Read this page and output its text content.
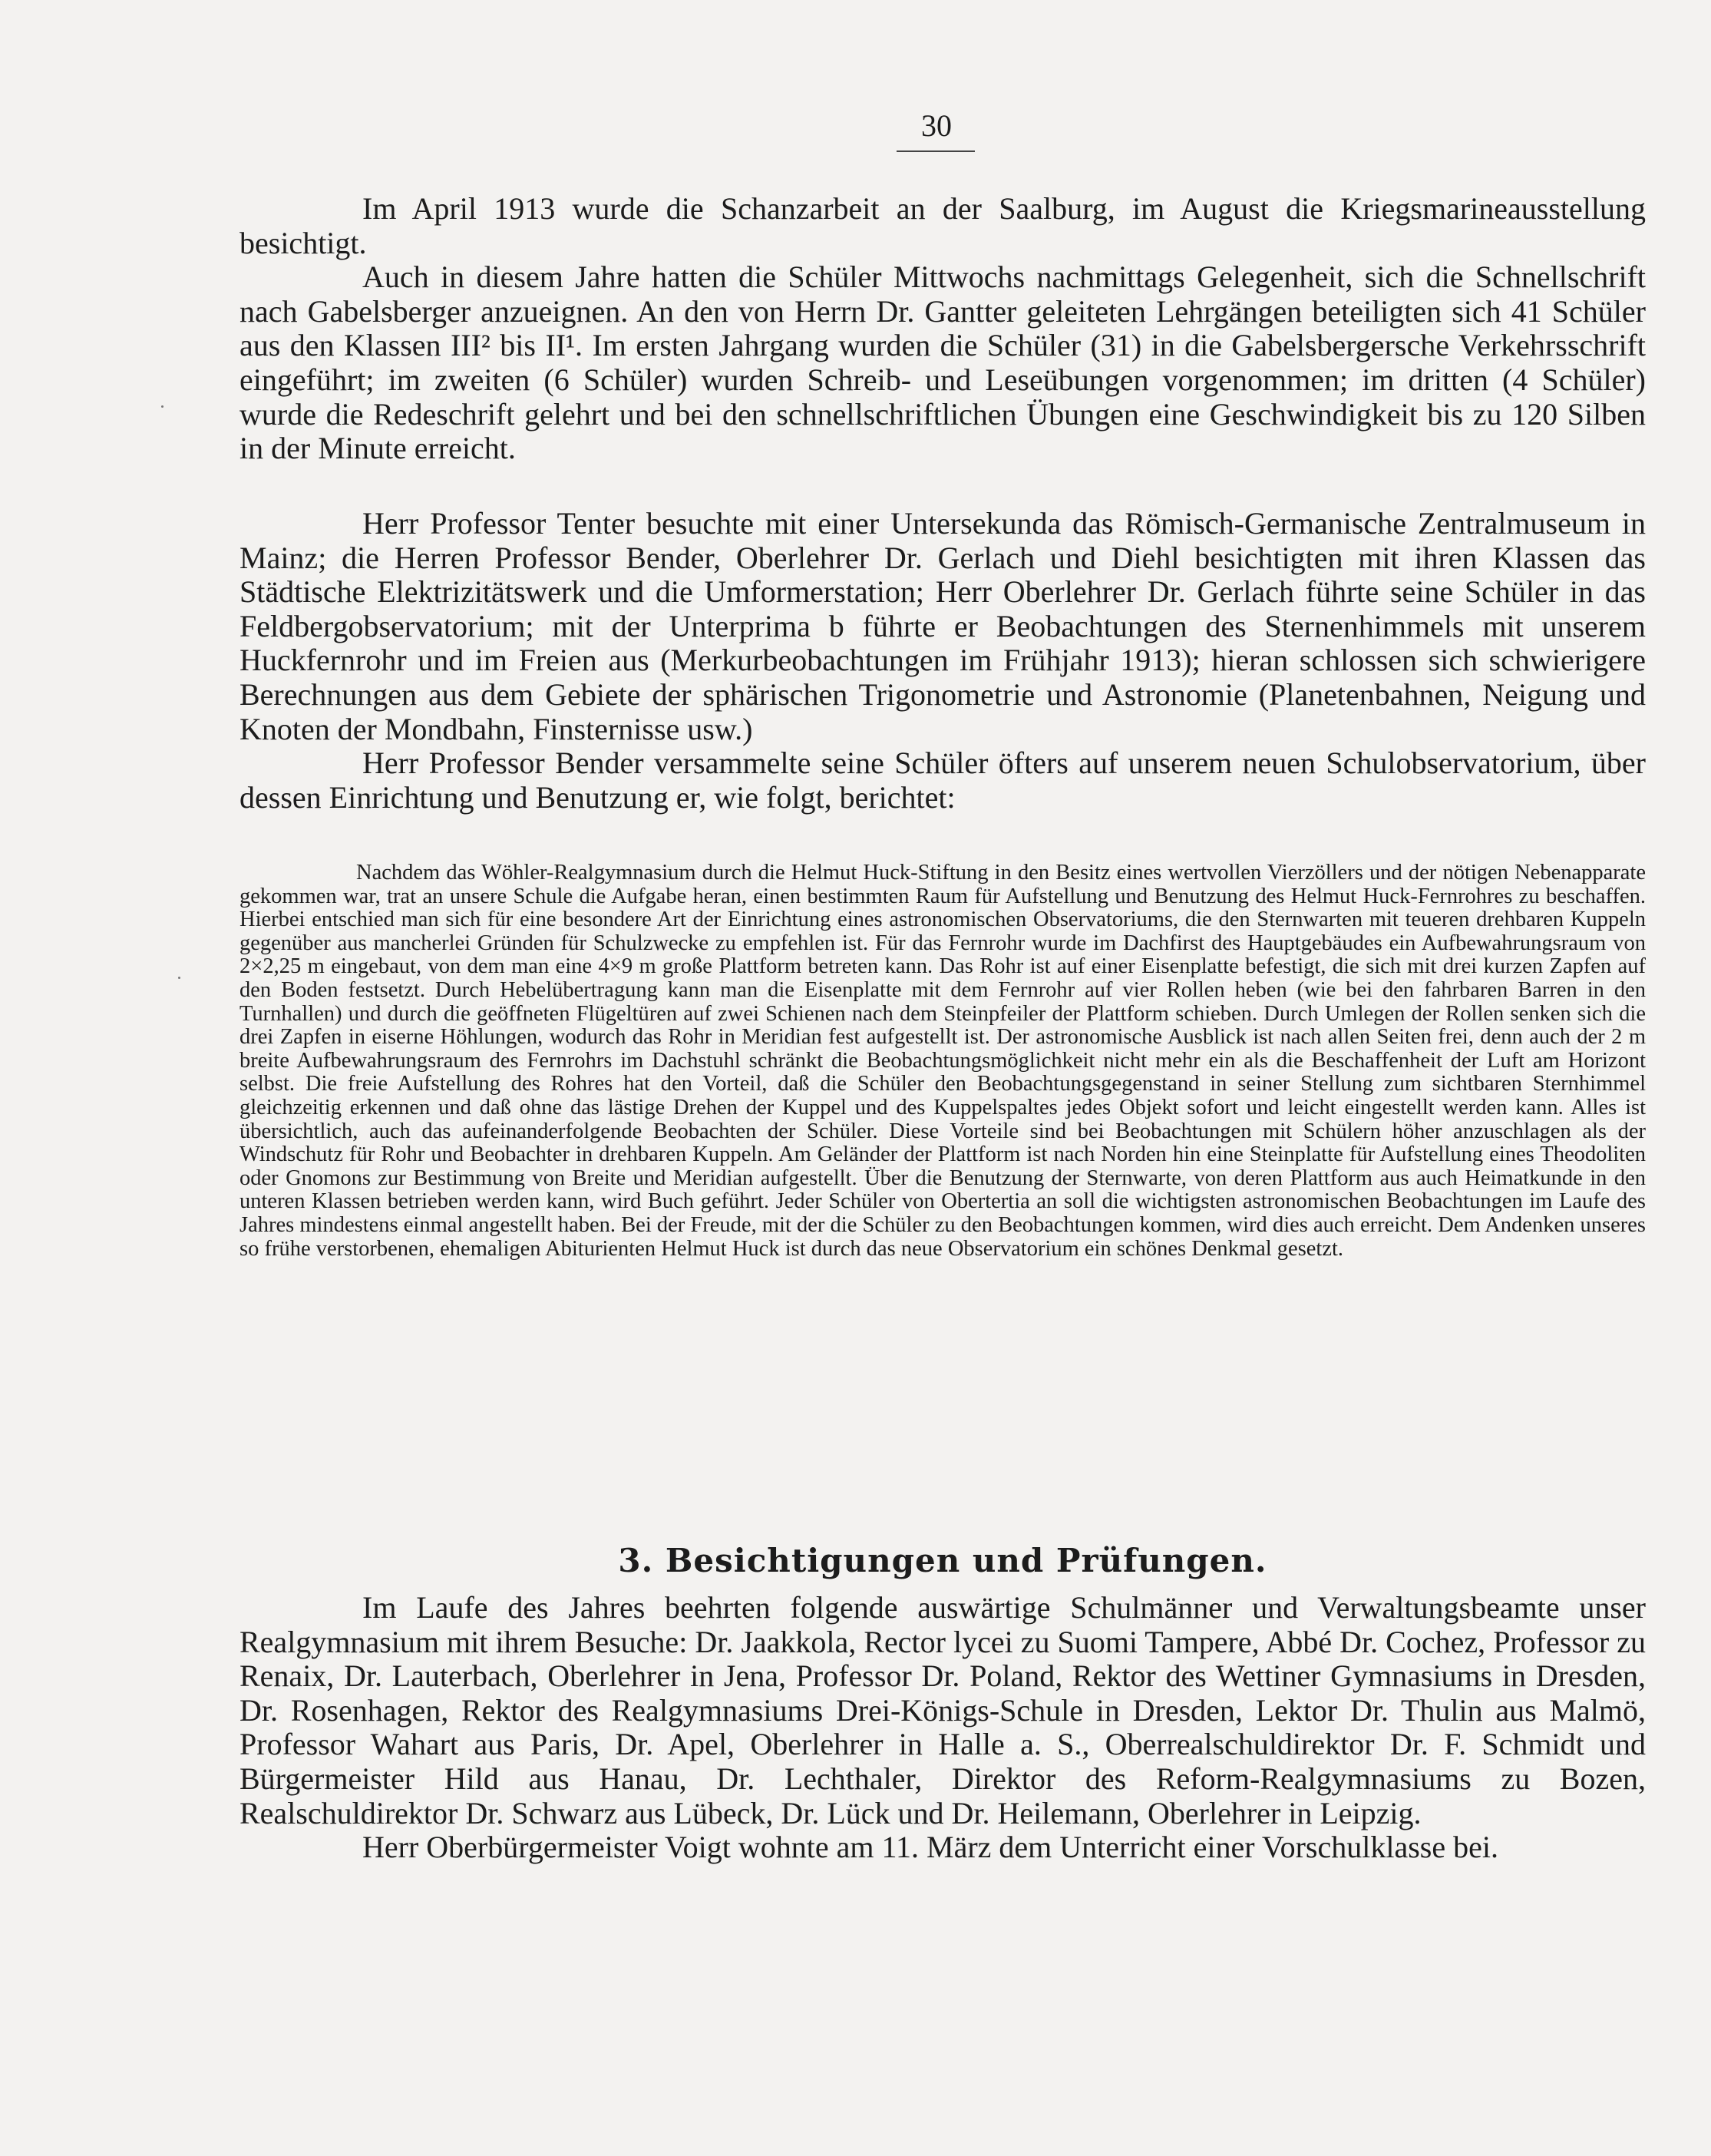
30

Im April 1913 wurde die Schanzarbeit an der Saalburg, im August die Kriegsmarineausstellung besichtigt.

Auch in diesem Jahre hatten die Schüler Mittwochs nachmittags Gelegenheit, sich die Schnellschrift nach Gabelsberger anzueignen. An den von Herrn Dr. Gantter geleiteten Lehrgängen beteiligten sich 41 Schüler aus den Klassen III² bis II¹. Im ersten Jahrgang wurden die Schüler (31) in die Gabelsbergersche Verkehrsschrift eingeführt; im zweiten (6 Schüler) wurden Schreib- und Leseübungen vorgenommen; im dritten (4 Schüler) wurde die Redeschrift gelehrt und bei den schnellschriftlichen Übungen eine Geschwindigkeit bis zu 120 Silben in der Minute erreicht.

Herr Professor Tenter besuchte mit einer Untersekunda das Römisch-Germanische Zentralmuseum in Mainz; die Herren Professor Bender, Oberlehrer Dr. Gerlach und Diehl besichtigten mit ihren Klassen das Städtische Elektrizitätswerk und die Umformerstation; Herr Oberlehrer Dr. Gerlach führte seine Schüler in das Feldbergobservatorium; mit der Unterprima b führte er Beobachtungen des Sternenhimmels mit unserem Huckfernrohr und im Freien aus (Merkurbeobachtungen im Frühjahr 1913); hieran schlossen sich schwierigere Berechnungen aus dem Gebiete der sphärischen Trigonometrie und Astronomie (Planetenbahnen, Neigung und Knoten der Mondbahn, Finsternisse usw.)

Herr Professor Bender versammelte seine Schüler öfters auf unserem neuen Schulobservatorium, über dessen Einrichtung und Benutzung er, wie folgt, berichtet:

Nachdem das Wöhler-Realgymnasium durch die Helmut Huck-Stiftung in den Besitz eines wertvollen Vierzöllers und der nötigen Nebenapparate gekommen war, trat an unsere Schule die Aufgabe heran, einen bestimmten Raum für Aufstellung und Benutzung des Helmut Huck-Fernrohres zu beschaffen. Hierbei entschied man sich für eine besondere Art der Einrichtung eines astronomischen Observatoriums, die den Sternwarten mit teueren drehbaren Kuppeln gegenüber aus mancherlei Gründen für Schulzwecke zu empfehlen ist. Für das Fernrohr wurde im Dachfirst des Hauptgebäudes ein Aufbewahrungsraum von 2×2,25 m eingebaut, von dem man eine 4×9 m große Plattform betreten kann. Das Rohr ist auf einer Eisenplatte befestigt, die sich mit drei kurzen Zapfen auf den Boden festsetzt. Durch Hebelübertragung kann man die Eisenplatte mit dem Fernrohr auf vier Rollen heben (wie bei den fahrbaren Barren in den Turnhallen) und durch die geöffneten Flügeltüren auf zwei Schienen nach dem Steinpfeiler der Plattform schieben. Durch Umlegen der Rollen senken sich die drei Zapfen in eiserne Höhlungen, wodurch das Rohr in Meridian fest aufgestellt ist. Der astronomische Ausblick ist nach allen Seiten frei, denn auch der 2 m breite Aufbewahrungsraum des Fernrohrs im Dachstuhl schränkt die Beobachtungsmöglichkeit nicht mehr ein als die Beschaffenheit der Luft am Horizont selbst. Die freie Aufstellung des Rohres hat den Vorteil, daß die Schüler den Beobachtungsgegenstand in seiner Stellung zum sichtbaren Sternhimmel gleichzeitig erkennen und daß ohne das lästige Drehen der Kuppel und des Kuppelspaltes jedes Objekt sofort und leicht eingestellt werden kann. Alles ist übersichtlich, auch das aufeinanderfolgende Beobachten der Schüler. Diese Vorteile sind bei Beobachtungen mit Schülern höher anzuschlagen als der Windschutz für Rohr und Beobachter in drehbaren Kuppeln. Am Geländer der Plattform ist nach Norden hin eine Steinplatte für Aufstellung eines Theodoliten oder Gnomons zur Bestimmung von Breite und Meridian aufgestellt. Über die Benutzung der Sternwarte, von deren Plattform aus auch Heimatkunde in den unteren Klassen betrieben werden kann, wird Buch geführt. Jeder Schüler von Obertertia an soll die wichtigsten astronomischen Beobachtungen im Laufe des Jahres mindestens einmal angestellt haben. Bei der Freude, mit der die Schüler zu den Beobachtungen kommen, wird dies auch erreicht. Dem Andenken unseres so frühe verstorbenen, ehemaligen Abiturienten Helmut Huck ist durch das neue Observatorium ein schönes Denkmal gesetzt.

3. Besichtigungen und Prüfungen.

Im Laufe des Jahres beehrten folgende auswärtige Schulmänner und Verwaltungsbeamte unser Realgymnasium mit ihrem Besuche: Dr. Jaakkola, Rector lycei zu Suomi Tampere, Abbé Dr. Cochez, Professor zu Renaix, Dr. Lauterbach, Oberlehrer in Jena, Professor Dr. Poland, Rektor des Wettiner Gymnasiums in Dresden, Dr. Rosenhagen, Rektor des Realgymnasiums Drei-Königs-Schule in Dresden, Lektor Dr. Thulin aus Malmö, Professor Wahart aus Paris, Dr. Apel, Oberlehrer in Halle a. S., Oberrealschuldirektor Dr. F. Schmidt und Bürgermeister Hild aus Hanau, Dr. Lechthaler, Direktor des Reform-Realgymnasiums zu Bozen, Realschuldirektor Dr. Schwarz aus Lübeck, Dr. Lück und Dr. Heilemann, Oberlehrer in Leipzig.

Herr Oberbürgermeister Voigt wohnte am 11. März dem Unterricht einer Vorschulklasse bei.
